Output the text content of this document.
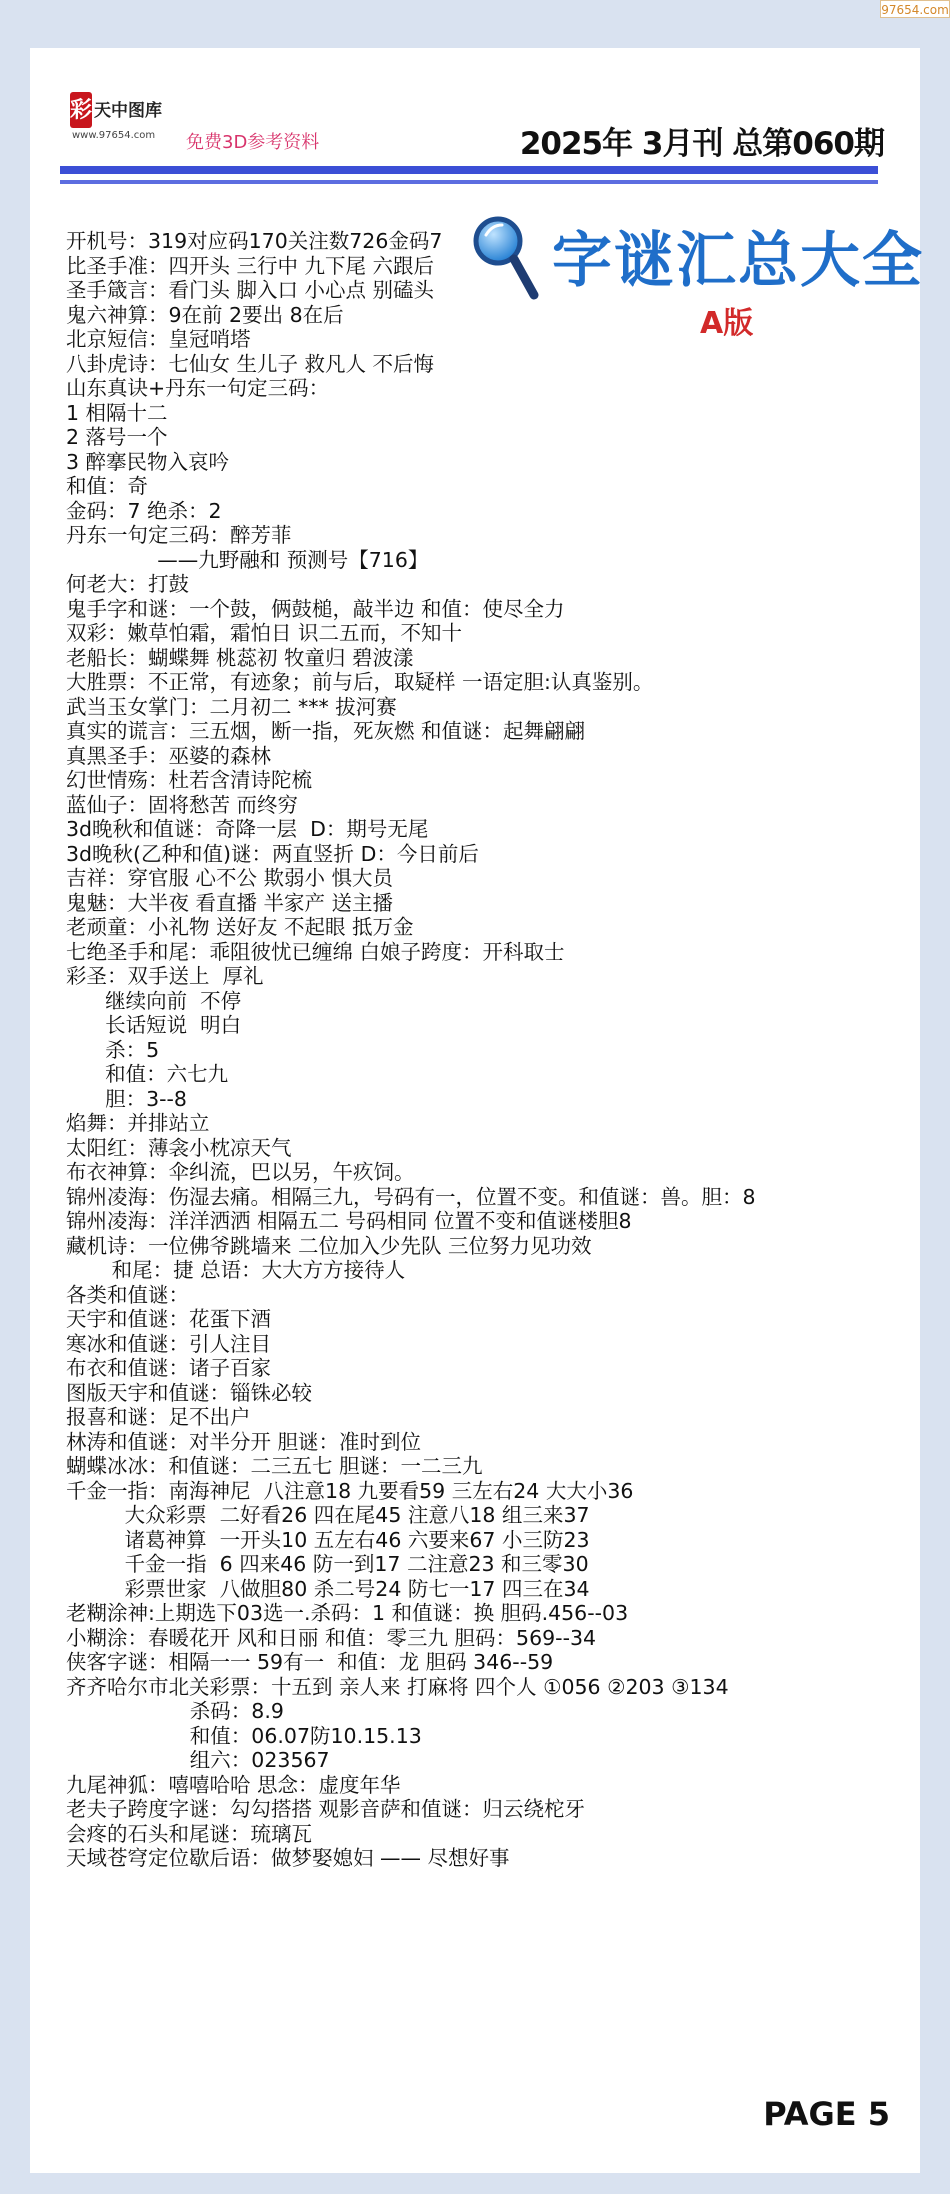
97654.com
彩 天中图库
www.97654.com 免费3D参考资料	2025年 3月刊 总第060期
字谜汇总大全
A版
开机号：319对应码170关注数726金码7
比圣手准：四开头 三行中 九下尾 六跟后
圣手箴言：看门头 脚入口 小心点 别磕头
鬼六神算：9在前 2要出 8在后
北京短信：皇冠哨塔
八卦虎诗：七仙女 生儿子 救凡人 不后悔
山东真诀+丹东一句定三码：
1 相隔十二
2 落号一个
3 醉搴民物入哀吟
和值：奇
金码：7 绝杀：2
丹东一句定三码：醉芳菲
——九野融和 预测号【716】
何老大：打鼓
鬼手字和谜：一个鼓，俩鼓槌，敲半边 和值：使尽全力
双彩：嫩草怕霜，霜怕日 识二五而，不知十
老船长：蝴蝶舞 桃蕊初 牧童归 碧波漾
大胜票：不正常，有迹象；前与后，取疑样 一语定胆:认真鉴别。
武当玉女掌门：二月初二 *** 拔河赛
真实的谎言：三五烟，断一指，死灰燃 和值谜：起舞翩翩
真黑圣手：巫婆的森林
幻世情殇：杜若含清诗陀梳
蓝仙子：固将愁苦 而终穷
3d晚秋和值谜：奇降一层  D：期号无尾
3d晚秋(乙种和值)谜：两直竖折 D：今日前后
吉祥：穿官服 心不公 欺弱小 惧大员
鬼魅：大半夜 看直播 半家产 送主播
老顽童：小礼物 送好友 不起眼 抵万金
七绝圣手和尾：乖阻彼忧已缠绵 白娘子跨度：开科取士
彩圣：双手送上  厚礼
继续向前  不停
长话短说  明白
杀：5
和值：六七九
胆：3--8
焰舞：并排站立
太阳红：薄衾小枕凉天气
布衣神算：伞纠流，巴以另，午疚饲。
锦州凌海：伤湿去痛。相隔三九，号码有一，位置不变。和值谜：兽。胆：8
锦州凌海：洋洋洒洒 相隔五二 号码相同 位置不变和值谜楼胆8
藏机诗：一位佛爷跳墙来 二位加入少先队 三位努力见功效
和尾：捷 总语：大大方方接待人
各类和值谜：
天宇和值谜：花蛋下酒
寒冰和值谜：引人注目
布衣和值谜：诸子百家
图版天宇和值谜：锱铢必较
报喜和谜：足不出户
林涛和值谜：对半分开 胆谜：准时到位
蝴蝶冰冰：和值谜：二三五七 胆谜：一二三九
千金一指：南海神尼  八注意18 九要看59 三左右24 大大小36
大众彩票  二好看26 四在尾45 注意八18 组三来37
诸葛神算  一开头10 五左右46 六要来67 小三防23
千金一指  6 四来46 防一到17 二注意23 和三零30
彩票世家  八做胆80 杀二号24 防七一17 四三在34
老糊涂神:上期选下03选一.杀码：1 和值谜：换 胆码.456--03
小糊涂：春暖花开 风和日丽 和值：零三九 胆码：569--34
侠客字谜：相隔一一 59有一  和值：龙 胆码 346--59
齐齐哈尔市北关彩票：十五到 亲人来 打麻将 四个人 ①056 ②203 ③134
杀码：8.9
和值：06.07防10.15.13
组六：023567
九尾神狐：嘻嘻哈哈 思念：虚度年华
老夫子跨度字谜：勾勾搭搭 观影音萨和值谜：归云绕柁牙
会疼的石头和尾谜：琉璃瓦
天域苍穹定位歇后语：做梦娶媳妇 —— 尽想好事
PAGE 5
